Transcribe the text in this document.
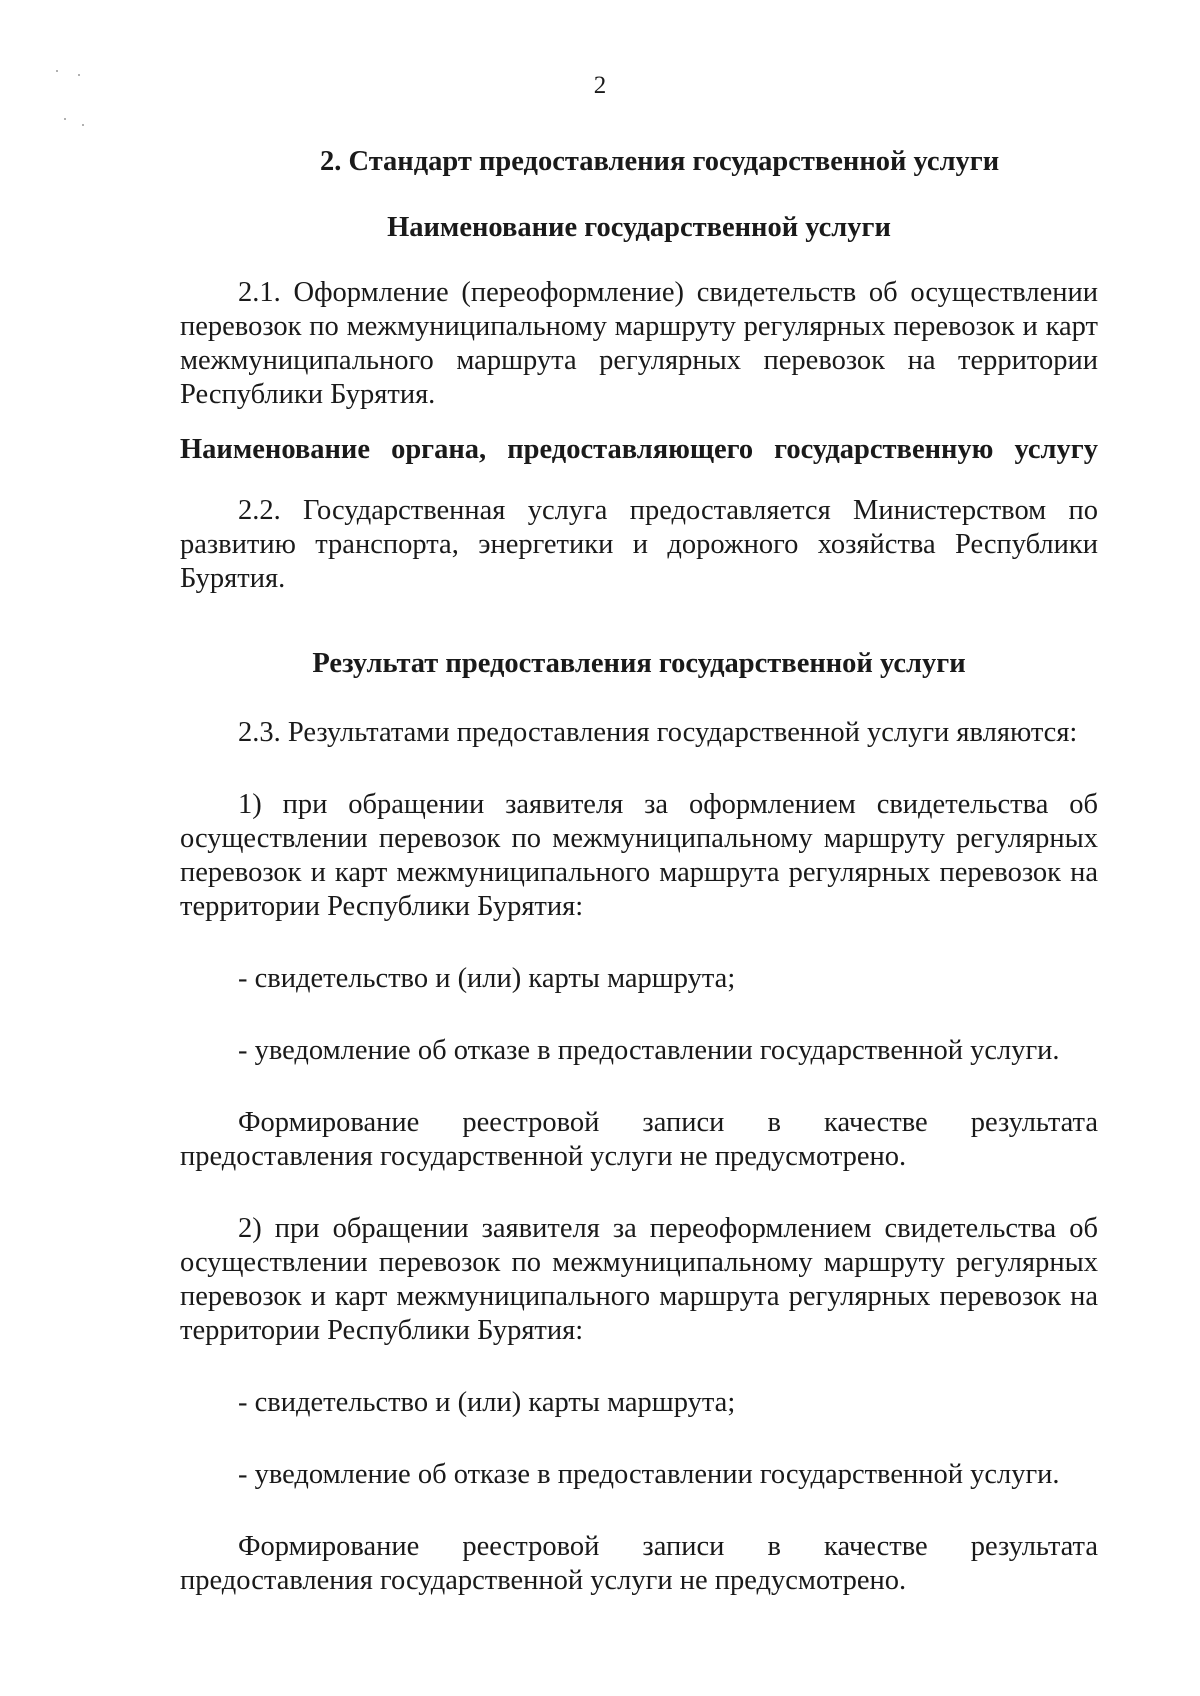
2
2. Стандарт предоставления государственной услуги
Наименование государственной услуги

2.1. Оформление (переоформление) свидетельств об осуществлении перевозок по межмуниципальному маршруту регулярных перевозок и карт межмуниципального маршрута регулярных перевозок на территории Республики Бурятия.

Наименование органа, предоставляющего государственную услугу

2.2. Государственная услуга предоставляется Министерством по развитию транспорта, энергетики и дорожного хозяйства Республики Бурятия.

Результат предоставления государственной услуги

2.3. Результатами предоставления государственной услуги являются:

1) при обращении заявителя за оформлением свидетельства об осуществлении перевозок по межмуниципальному маршруту регулярных перевозок и карт межмуниципального маршрута регулярных перевозок на территории Республики Бурятия:

- свидетельство и (или) карты маршрута;

- уведомление об отказе в предоставлении государственной услуги.

Формирование реестровой записи в качестве результата предоставления государственной услуги не предусмотрено.

2) при обращении заявителя за переоформлением свидетельства об осуществлении перевозок по межмуниципальному маршруту регулярных перевозок и карт межмуниципального маршрута регулярных перевозок на территории Республики Бурятия:

- свидетельство и (или) карты маршрута;

- уведомление об отказе в предоставлении государственной услуги.

Формирование реестровой записи в качестве результата предоставления государственной услуги не предусмотрено.
